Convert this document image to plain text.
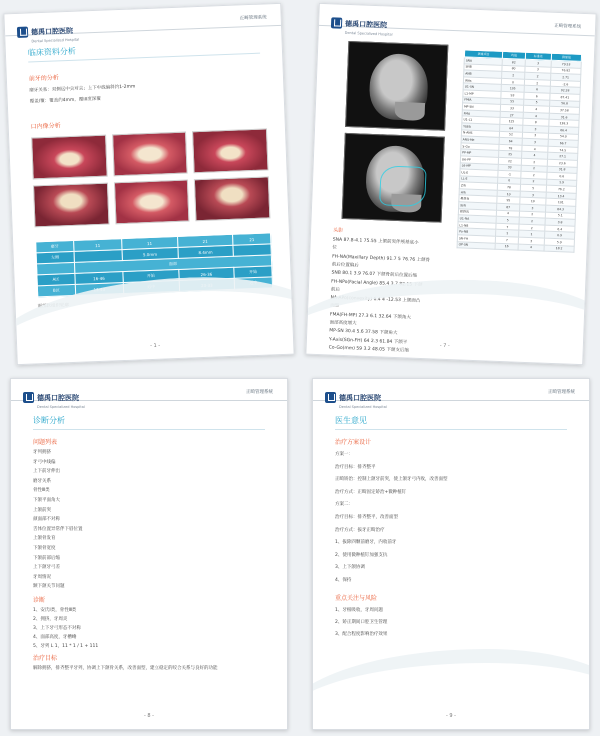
德禹口腔医院
Dental Specialized Hospital
正畸管理系统
临床资料分析
前牙的分析
磨牙关系：双侧远中尖对尖；上下中线偏斜约1-2mm
覆盖/覆：覆盖约4mm，覆III度深覆
口内像分析
磨牙	11	11	21	21
左侧		5.0mm	8.4mm	
	面部			
A区	16-46	开始	26-36	开始
B区	13-43	近中	23-33	近中
面部软组织轮廓
- 1 -
德禹口腔医院
Dental Specialized Hospital
正畸管理系统
测量项目	均值	标准差	测量值
SNA	82	3	79.53
SNB	80	3	76.82
ANB	2	2	2.71
Wits	0	2	-2.6
U1-SN	105	6	92.28
L1-MP	93	6	87.41
FMIA	55	5	56.8
MP-SN	33	4	37.58
FMA	27	4	31.6
U1-L1	125	8	138.3
Y轴角	64	3	66.4
N-ANS	52	3	54.0
ANS-Me	64	3	66.7
S-Go	78	4	74.5
PP-MP	25	4	27.1
U6-PP	22	2	23.6
L6-MP	33	2	31.8
UL-E	-1	2	0.6
LL-E	0	2	1.9
Z角	78	5	76.2
H角	10	3	13.4
鼻唇角	95	10	101
面角	87	3	84.3
颏唇沟	4	2	5.1
U1-NA	5	2	3.8
L1-NB	7	2	6.4
Po-NB	1	1	0.9
SN-FH	7	3	5.9
OP-SN	16	4	18.2
头影
SNA 87.8-4.1 75.55 上颌前突伴颅基底小
位
FH-NA(Maxillary Depth) 91.7 5 76.76 上颌骨
前后位置偏后
SNB 80.1 3.9 76.07 下颌骨前后位置后缩
FH-NPo(Facial Angle) 85.4 3.7 82.15 下颌
前后
NA-APo(convexity) 6.4 4 -12.53 上颌面凸
面型
FMA(FH-MP) 27.3 6.1 32.64 下颌角大
面部高度增大
MP-SN 30.4 5.6 37.58 下颌角大
Y-Axis(SGn-FH) 64 2.3 61.84 下颌平
Co-Go(mm) 59 3.2 48.05 下颌支后缩	- 7 -
德禹口腔医院
Dental Specialized Hospital
正畸管理系统
诊断分析
问题列表
牙列拥挤
牙弓中线偏
上下前牙伸出
磨牙关系
骨性Ⅲ类
下颌平面角大
上颌前突
颜面部不对称
舌体位置异常伴下唇位置
上颌骨发育
下颌骨宽度
下颌前部后缩
上下颌牙弓差
牙周情况
颞下颌关节问题
诊断
1、安氏Ⅰ类，骨性Ⅲ类
2、拥挤，牙周炎
3、上下牙弓形态不对称
4、面部高度，牙槽嵴
5、牙列 L 1，11 * 1 / 1 + 111
治疗目标
解除拥挤，排齐整平牙列，协调上下颌骨关系，改善面型，建立稳定的咬合关系与良好的功能
- 8 -
德禹口腔医院
Dental Specialized Hospital
正畸管理系统
医生意见
治疗方案设计
方案一：
治疗目标：排齐整平
正畸矫治：控制上颌牙前突，使上颌牙弓内收，改善面型
治疗方式：正畸固定矫治+微种植钉
方案二：
治疗目标：排齐整平，改善面型
治疗方式：拔牙正畸治疗
1、拔除四颗前磨牙，内收前牙
2、使用微种植钉加强支抗
3、上下颌协调
4、保持
重点关注与风险
1、牙根吸收，牙周问题
2、矫正期间口腔卫生管理
3、配合程度影响治疗效果
- 9 -
